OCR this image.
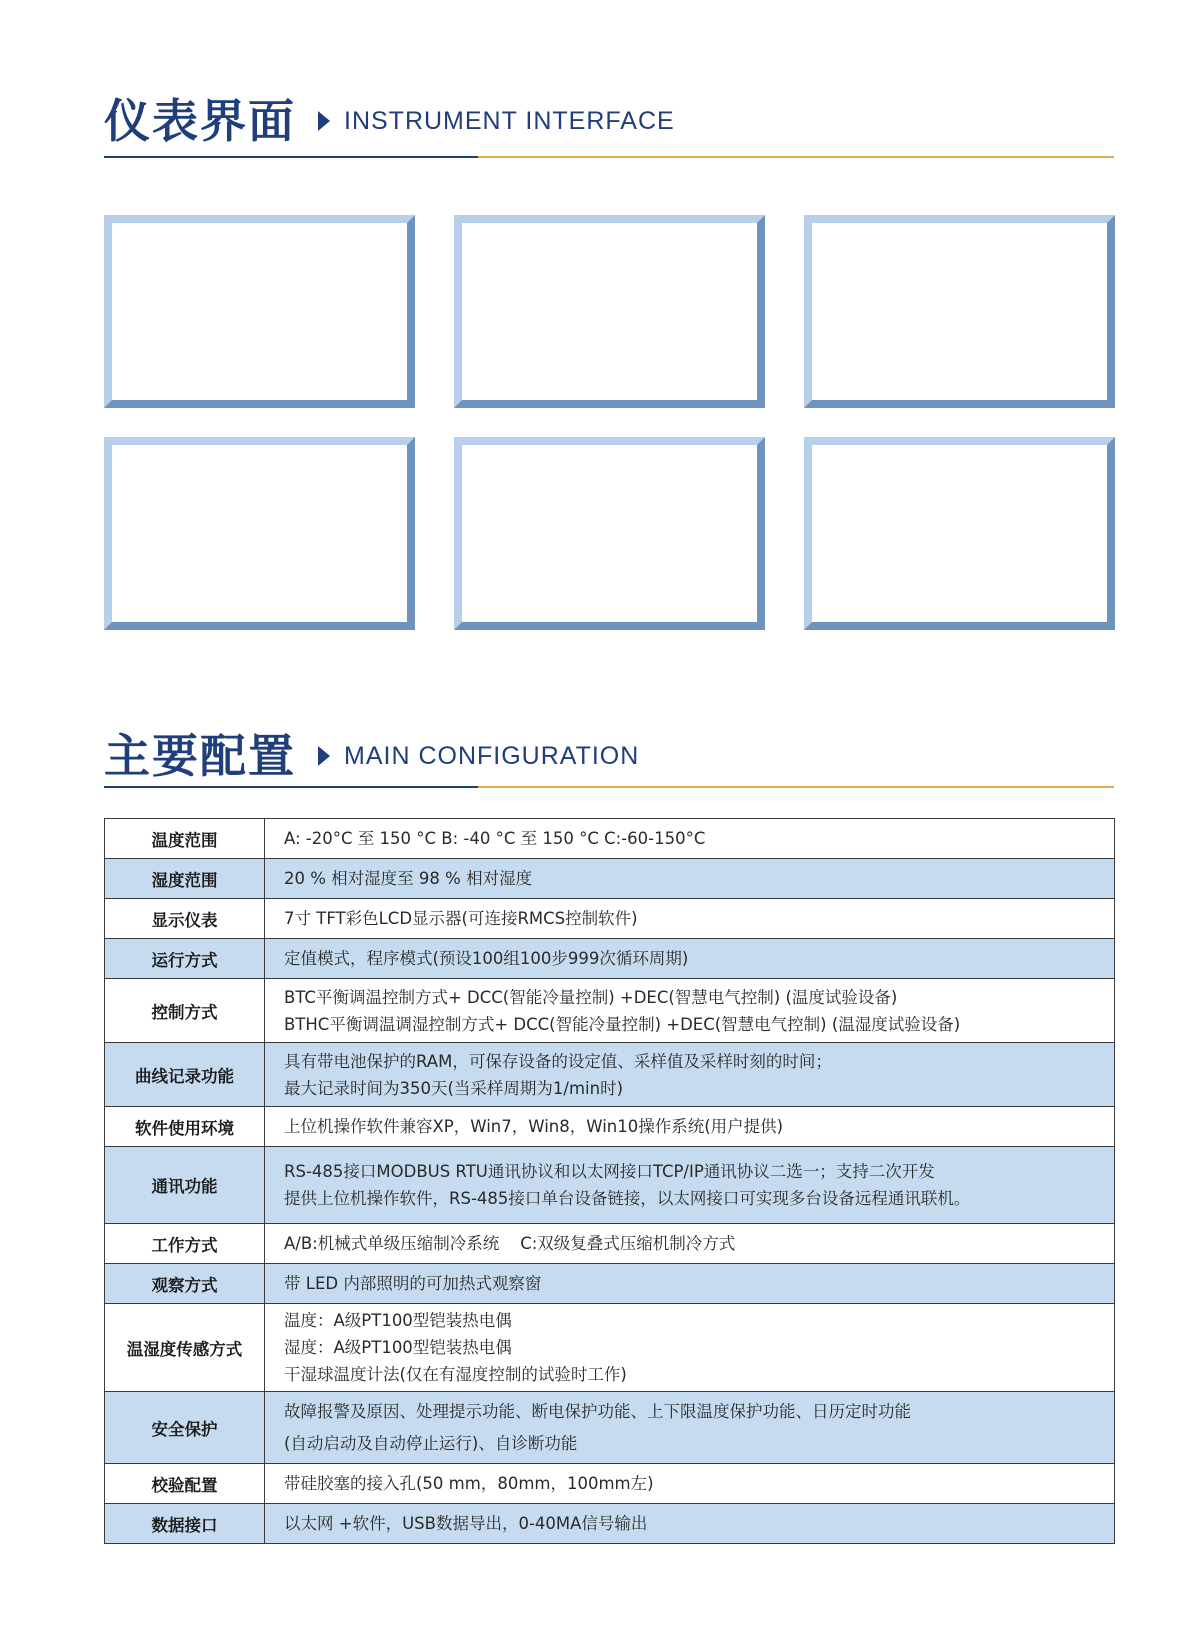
仪表界面 INSTRUMENT INTERFACE
主要配置 MAIN CONFIGURATION
温度范围	A: -20°C 至 150 °C B: -40 °C 至 150 °C C:-60-150°C

湿度范围	20 % 相对湿度至 98 % 相对湿度

显示仪表	7寸 TFT彩色LCD显示器(可连接RMCS控制软件)

运行方式	定值模式，程序模式(预设100组100步999次循环周期)

控制方式	BTC平衡调温控制方式+ DCC(智能冷量控制) +DEC(智慧电气控制) (温度试验设备)
BTHC平衡调温调湿控制方式+ DCC(智能冷量控制) +DEC(智慧电气控制) (温湿度试验设备)

曲线记录功能	具有带电池保护的RAM，可保存设备的设定值、采样值及采样时刻的时间；
最大记录时间为350天(当采样周期为1/min时)

软件使用环境	上位机操作软件兼容XP，Win7，Win8，Win10操作系统(用户提供)

通讯功能	RS-485接口MODBUS RTU通讯协议和以太网接口TCP/IP通讯协议二选一；支持二次开发
提供上位机操作软件，RS-485接口单台设备链接，以太网接口可实现多台设备远程通讯联机。

工作方式	A/B:机械式单级压缩制冷系统    C:双级复叠式压缩机制冷方式

观察方式	带 LED 内部照明的可加热式观察窗

温湿度传感方式	温度：A级PT100型铠装热电偶
湿度：A级PT100型铠装热电偶
干湿球温度计法(仅在有湿度控制的试验时工作)

安全保护	故障报警及原因、处理提示功能、断电保护功能、上下限温度保护功能、日历定时功能
(自动启动及自动停止运行)、自诊断功能

校验配置	带硅胶塞的接入孔(50 mm，80mm，100mm左)

数据接口	以太网 +软件，USB数据导出，0-40MA信号输出
